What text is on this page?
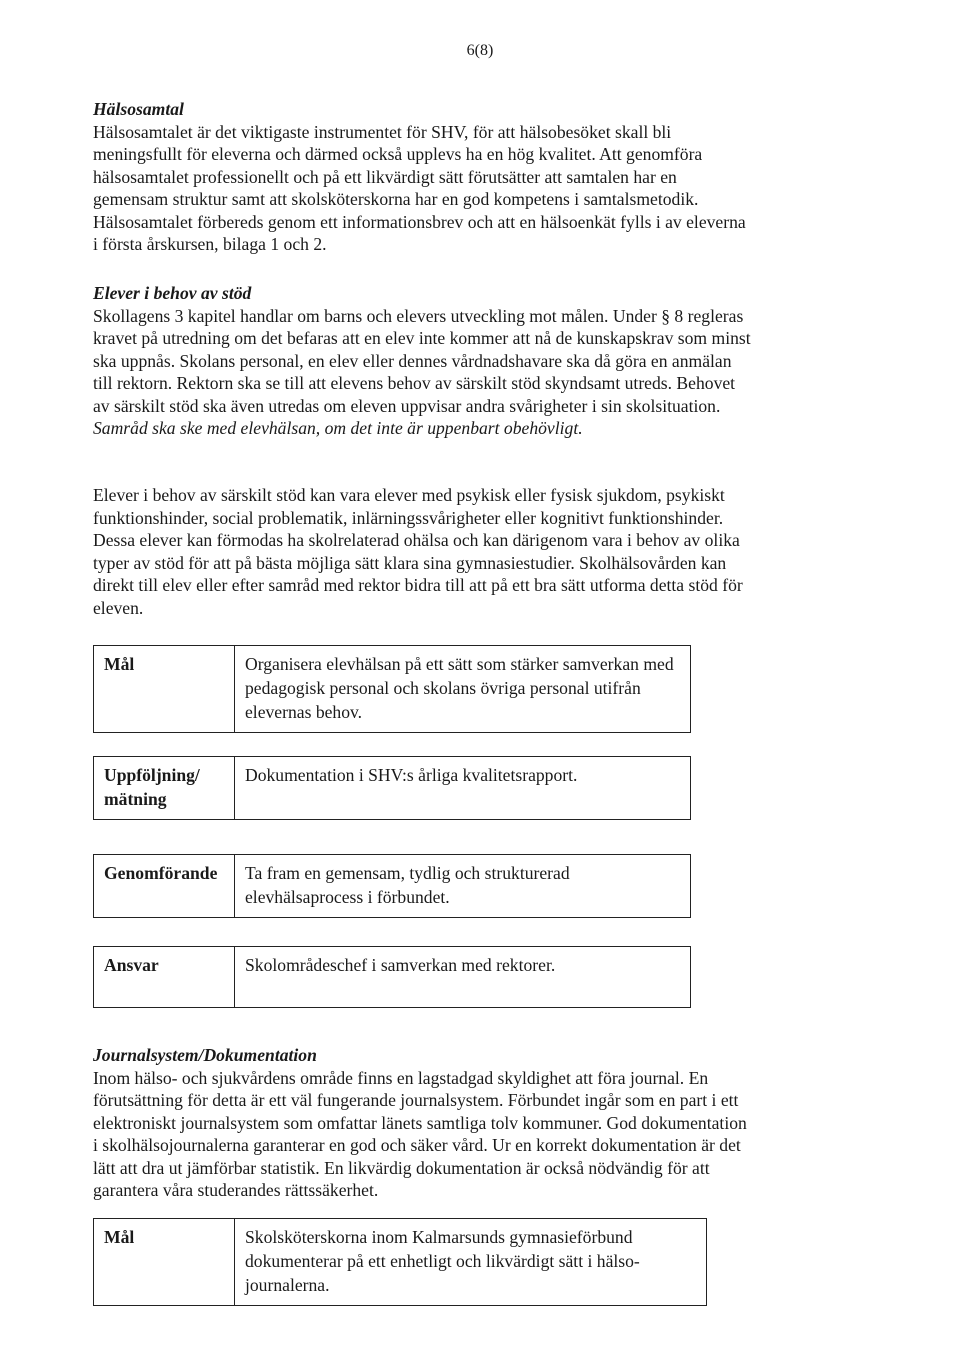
6(8)

Hälsosamtal

Hälsosamtalet är det viktigaste instrumentet för SHV, för att hälsobesöket skall bli meningsfullt för eleverna och därmed också upplevs ha en hög kvalitet. Att genomföra hälsosamtalet professionellt och på ett likvärdigt sätt förutsätter att samtalen har en gemensam struktur samt att skolsköterskorna har en god kompetens i samtalsmetodik. Hälsosamtalet förbereds genom ett informationsbrev och att en hälsoenkät fylls i av eleverna i första årskursen, bilaga 1 och 2.

Elever i behov av stöd

Skollagens 3 kapitel handlar om barns och elevers utveckling mot målen. Under § 8 regleras kravet på utredning om det befaras att en elev inte kommer att nå de kunskapskrav som minst ska uppnås. Skolans personal, en elev eller dennes vårdnadshavare ska då göra en anmälan till rektorn. Rektorn ska se till att elevens behov av särskilt stöd skyndsamt utreds. Behovet av särskilt stöd ska även utredas om eleven uppvisar andra svårigheter i sin skolsituation.

Samråd ska ske med elevhälsan, om det inte är uppenbart obehövligt.

Elever i behov av särskilt stöd kan vara elever med psykisk eller fysisk sjukdom, psykiskt funktionshinder, social problematik, inlärningssvårigheter eller kognitivt funktionshinder. Dessa elever kan förmodas ha skolrelaterad ohälsa och kan därigenom vara i behov av olika typer av stöd för att på bästa möjliga sätt klara sina gymnasiestudier. Skolhälsovården kan direkt till elev eller efter samråd med rektor bidra till att på ett bra sätt utforma detta stöd för eleven.

Mål	Organisera elevhälsan på ett sätt som stärker samverkan med pedagogisk personal och skolans övriga personal utifrån elevernas behov.
Uppföljning/ mätning	Dokumentation i SHV:s årliga kvalitetsrapport.
Genomförande	Ta fram en gemensam, tydlig och strukturerad elevhälsaprocess i förbundet.
Ansvar	Skolområdeschef i samverkan med rektorer.

Journalsystem/Dokumentation

Inom hälso- och sjukvårdens område finns en lagstadgad skyldighet att föra journal. En förutsättning för detta är ett väl fungerande journalsystem. Förbundet ingår som en part i ett elektroniskt journalsystem som omfattar länets samtliga tolv kommuner. God dokumentation i skolhälsojournalerna garanterar en god och säker vård. Ur en korrekt dokumentation är det lätt att dra ut jämförbar statistik. En likvärdig dokumentation är också nödvändig för att garantera våra studerandes rättssäkerhet.

Mål	Skolsköterskorna inom Kalmarsunds gymnasieförbund dokumenterar på ett enhetligt och likvärdigt sätt i hälso-journalerna.
